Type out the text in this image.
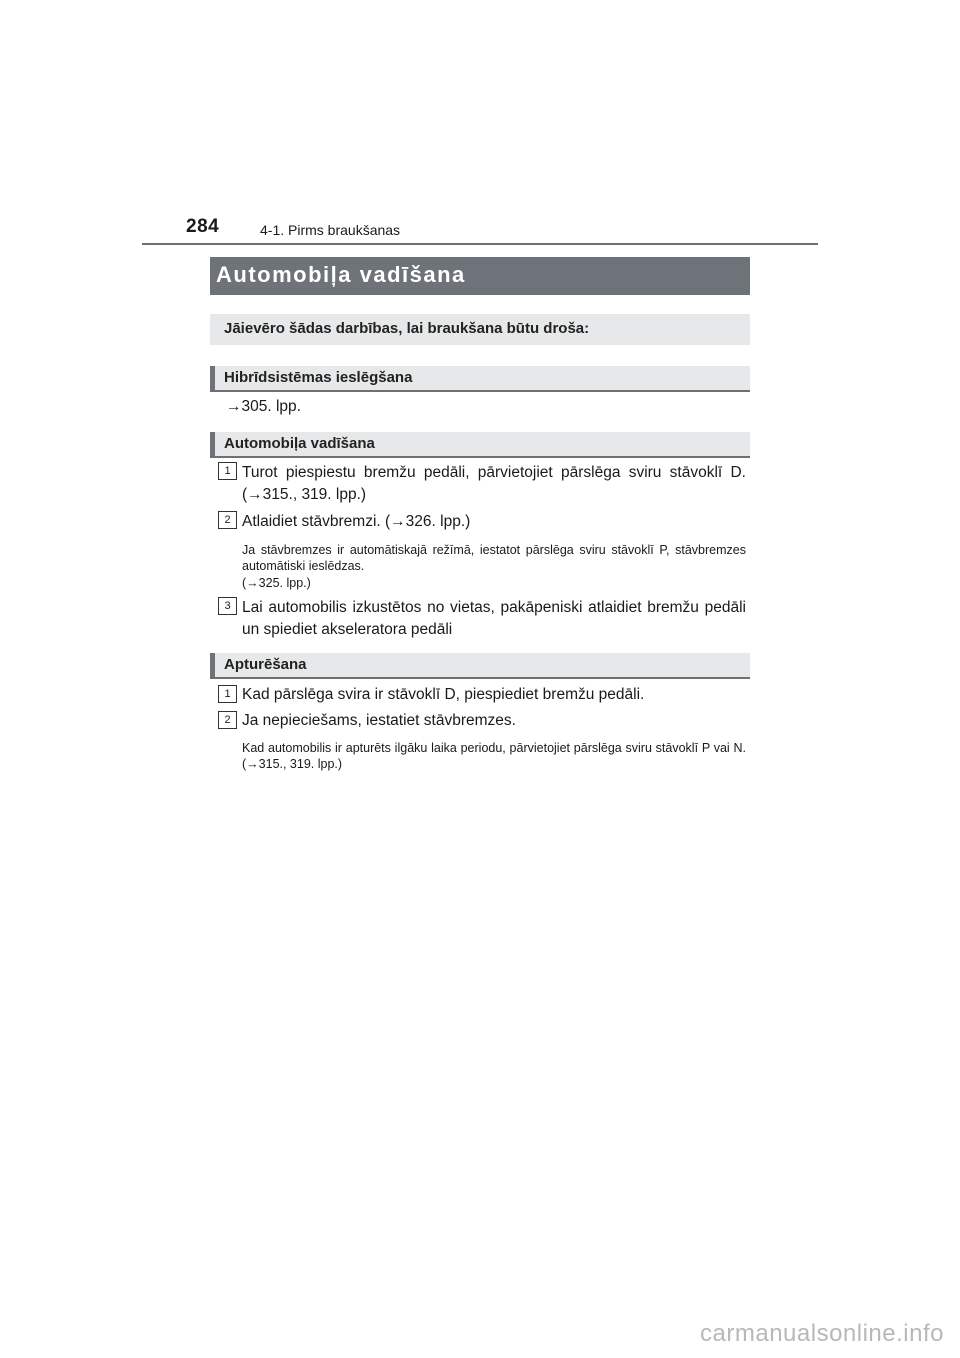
284	4-1. Pirms braukšanas
Automobiļa vadīšana
Jāievēro šādas darbības, lai braukšana būtu droša:
Hibrīdsistēmas ieslēgšana
→305. lpp.
Automobiļa vadīšana
1 Turot piespiestu bremžu pedāli, pārvietojiet pārslēga sviru stāvoklī D. (→315., 319. lpp.)
2 Atlaidiet stāvbremzi. (→326. lpp.)
Ja stāvbremzes ir automātiskajā režīmā, iestatot pārslēga sviru stāvoklī P, stāvbremzes automātiski ieslēdzas.
(→325. lpp.)
3 Lai automobilis izkustētos no vietas, pakāpeniski atlaidiet bremžu pedāli un spiediet akseleratora pedāli
Apturēšana
1 Kad pārslēga svira ir stāvoklī D, piespiediet bremžu pedāli.
2 Ja nepieciešams, iestatiet stāvbremzes.
Kad automobilis ir apturēts ilgāku laika periodu, pārvietojiet pārslēga sviru stāvoklī P vai N. (→315., 319. lpp.)
carmanualsonline.info
